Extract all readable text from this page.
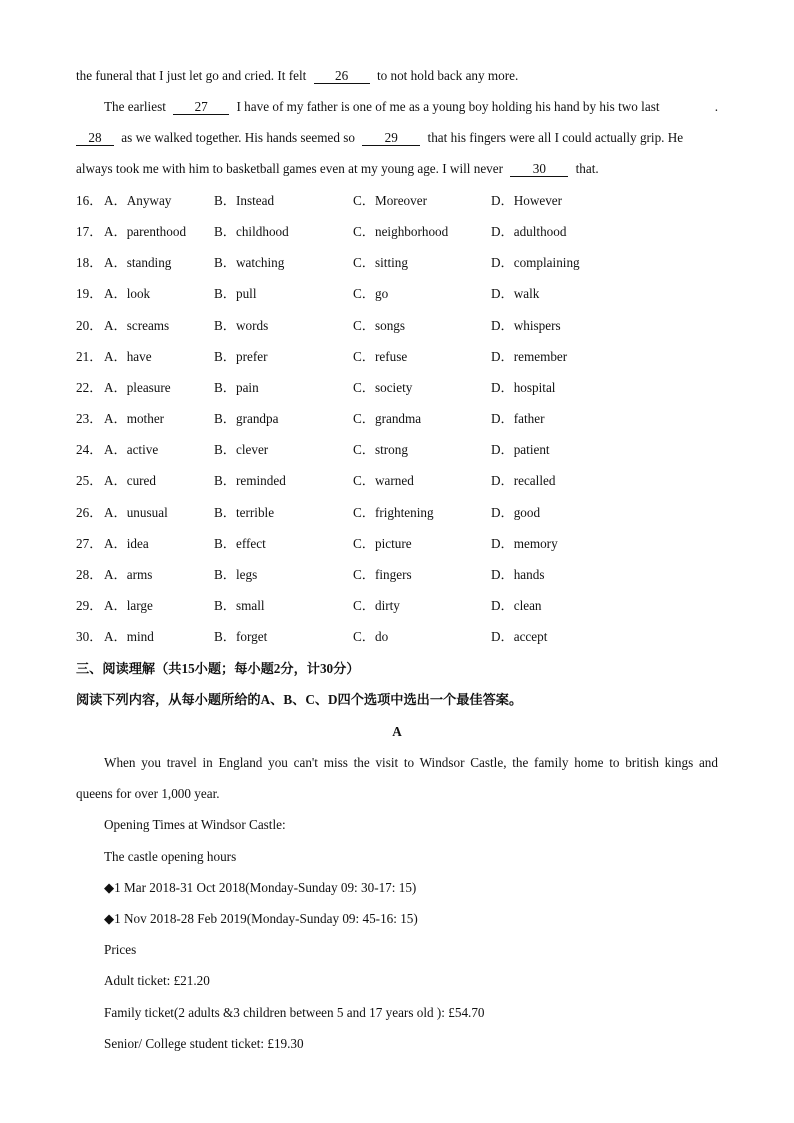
the funeral that I just let go and cried. It felt 26 to not hold back any more.
The earliest 27 I have of my father is one of me as a young boy holding his hand by his two last	.
28 as we walked together. His hands seemed so 29 that his fingers were all I could actually grip. He
always took me with him to basketball games even at my young age. I will never 30 that.
16． A．Anyway	B．Instead	C．Moreover	D．However
17． A．parenthood B．childhood	C．neighborhood	D．adulthood
18． A．standing	B．watching	C．sitting	D．complaining
19． A．look	B．pull	C．go	D．walk
20． A．screams	B．words	C．songs	D．whispers
21． A．have	B．prefer	C．refuse	D．remember
22． A．pleasure	B．pain	C．society	D．hospital
23． A．mother	B．grandpa	C．grandma	D．father
24． A．active	B．clever	C．strong	D．patient
25． A．cured	B．reminded	C．warned	D．recalled
26． A．unusual	B．terrible	C．frightening	D．good
27． A．idea	B．effect	C．picture	D．memory
28． A．arms	B．legs	C．fingers	D．hands
29． A．large	B．small	C．dirty	D．clean
30． A．mind	B．forget	C．do	D．accept
三、阅读理解（共15小题；每小题2分，计30分）
阅读下列内容，从每小题所给的A、B、C、D四个选项中选出一个最佳答案。
A
When you travel in England you can't miss the visit to Windsor Castle, the family home to british kings and
queens for over 1,000 year.
Opening Times at Windsor Castle:
The castle opening hours
◆1 Mar 2018-31 Oct 2018(Monday-Sunday 09: 30-17: 15)
◆1 Nov 2018-28 Feb 2019(Monday-Sunday 09: 45-16: 15)
Prices
Adult ticket: £21.20
Family ticket(2 adults &3 children between 5 and 17 years old ): £54.70
Senior/ College student ticket: £19.30
